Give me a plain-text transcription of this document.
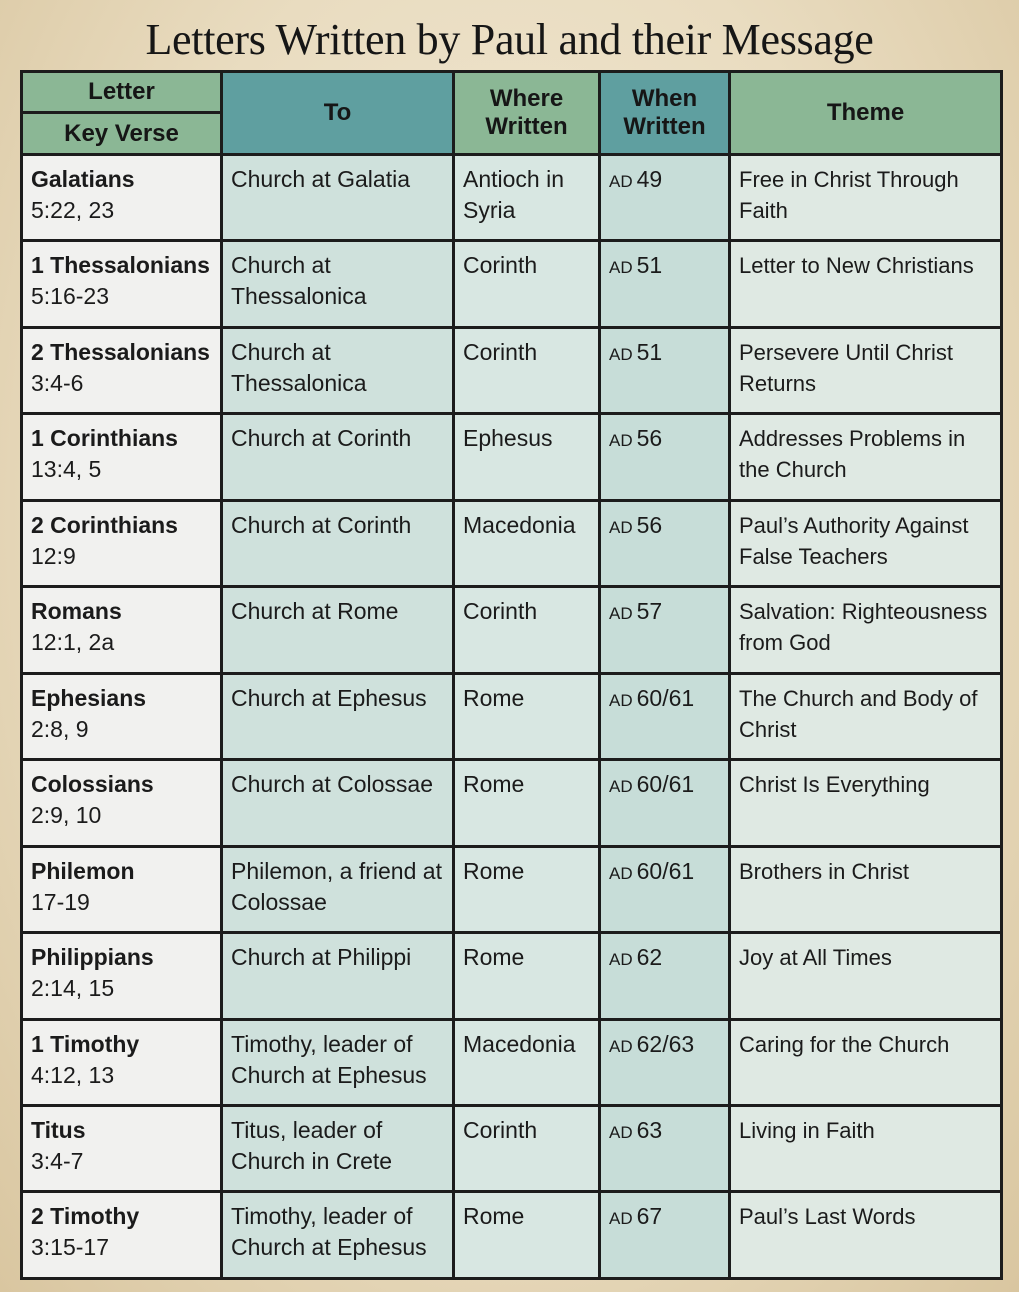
Letters Written by Paul and their Message
Letter
Key Verse	To	Where Written	When Written	Theme

Galatians
5:22, 23	Church at Galatia	Antioch in Syria	AD 49	Free in Christ Through Faith

1 Thessalonians
5:16-23	Church at Thessalonica	Corinth	AD 51	Letter to New Christians

2 Thessalonians
3:4-6	Church at Thessalonica	Corinth	AD 51	Persevere Until Christ Returns

1 Corinthians
13:4, 5	Church at Corinth	Ephesus	AD 56	Addresses Problems in the Church

2 Corinthians
12:9	Church at Corinth	Macedonia	AD 56	Paul’s Authority Against False Teachers

Romans
12:1, 2a	Church at Rome	Corinth	AD 57	Salvation: Righteousness from God

Ephesians
2:8, 9	Church at Ephesus	Rome	AD 60/61	The Church and Body of Christ

Colossians
2:9, 10	Church at Colossae	Rome	AD 60/61	Christ Is Everything

Philemon
17-19	Philemon, a friend at Colossae	Rome	AD 60/61	Brothers in Christ

Philippians
2:14, 15	Church at Philippi	Rome	AD 62	Joy at All Times

1 Timothy
4:12, 13	Timothy, leader of Church at Ephesus	Macedonia	AD 62/63	Caring for the Church

Titus
3:4-7	Titus, leader of Church in Crete	Corinth	AD 63	Living in Faith

2 Timothy
3:15-17	Timothy, leader of Church at Ephesus	Rome	AD 67	Paul’s Last Words
